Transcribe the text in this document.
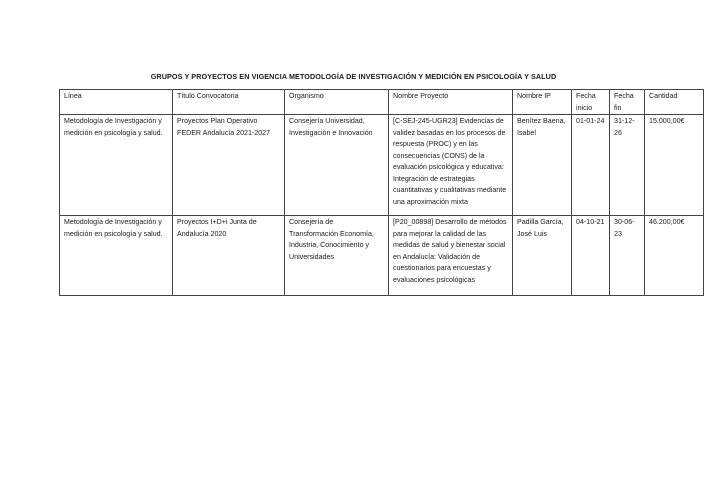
GRUPOS Y PROYECTOS EN VIGENCIA METODOLOGÍA DE INVESTIGACIÓN Y MEDICIÓN EN PSICOLOGÍA Y SALUD
Línea	Título Convocatoria	Organismo	Nombre Proyecto	Nombre IP	Fecha inicio	Fecha fin	Cantidad
Metodología de Investigación y medición en psicología y salud.	Proyectos Plan Operativo FEDER Andalucía 2021-2027	Consejería Universidad, Investigación e Innovación	[C-SEJ-245-UGR23] Evidencias de validez basadas en los procesos de respuesta (PROC) y en las consecuencias (CONS) de la evaluación psicológica y educativa: Integración de estrategias cuantitativas y cualitativas mediante una aproximación mixta	Benítez Baena, Isabel	01-01-24	31-12-26	15.000,00€
Metodología de Investigación y medición en psicología y salud.	Proyectos I+D+i Junta de Andalucía 2020	Consejería de Transformación Economía, Industria, Conocimiento y Universidades	[P20_00898] Desarrollo de métodos para mejorar la calidad de las medidas de salud y bienestar social en Andalucía: Validación de cuestionarios para encuestas y evaluaciones psicológicas	Padilla García, José Luis	04-10-21	30-06-23	46.200,00€
